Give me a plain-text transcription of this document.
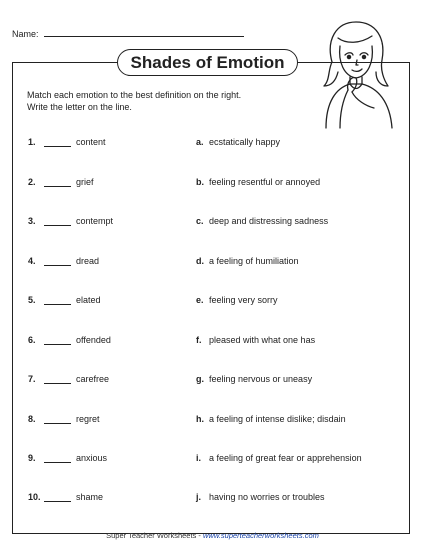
Name:
Shades of Emotion
Match each emotion to the best definition on the right.
Write the letter on the line.
1.	content	a. ecstatically happy
2.	grief	b. feeling resentful or annoyed
3.	contempt	c. deep and distressing sadness
4.	dread	d. a feeling of humiliation
5.	elated	e. feeling very sorry
6.	offended	f. pleased with what one has
7.	carefree	g. feeling nervous or uneasy
8.	regret	h. a feeling of intense dislike; disdain
9.	anxious	i. a feeling of great fear or apprehension
10.	shame	j. having no worries or troubles
Super Teacher Worksheets - www.superteacherworksheets.com
